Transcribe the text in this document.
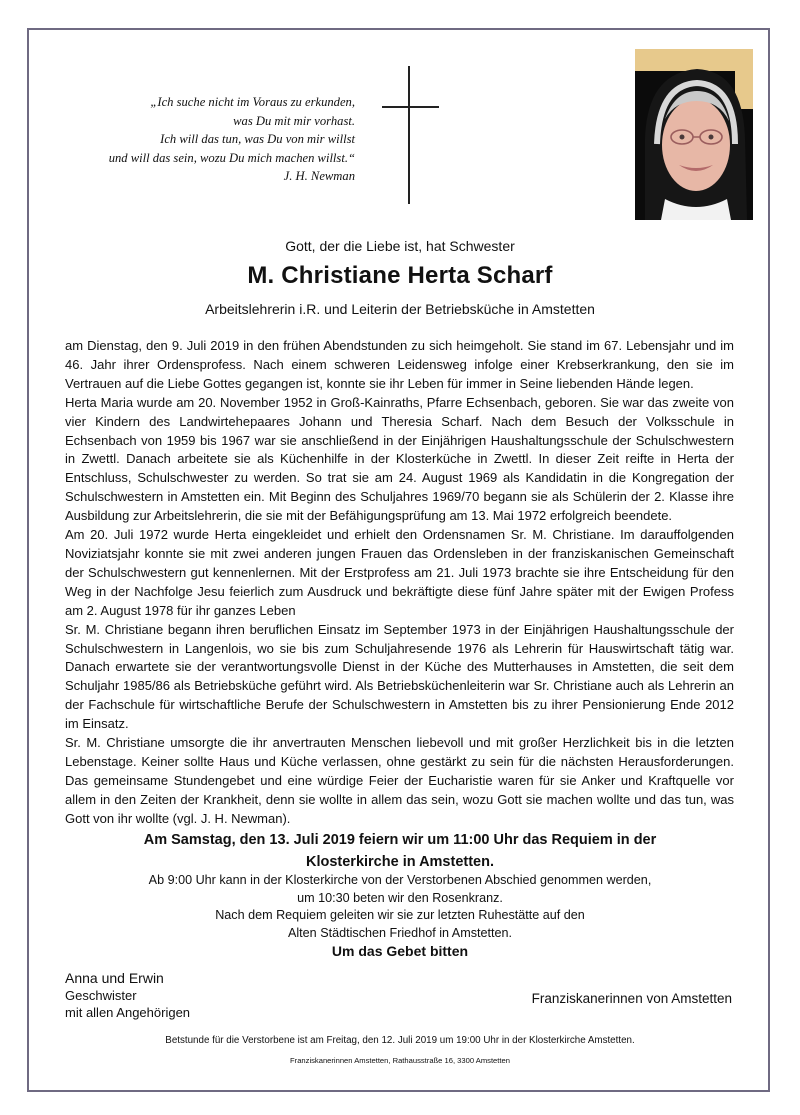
„Ich suche nicht im Voraus zu erkunden,
was Du mit mir vorhast.
Ich will das tun, was Du von mir willst
und will das sein, wozu Du mich machen willst.“
J. H. Newman
Gott, der die Liebe ist, hat Schwester
M. Christiane Herta Scharf
Arbeitslehrerin i.R. und Leiterin der Betriebsküche in Amstetten

am Dienstag, den 9. Juli 2019 in den frühen Abendstunden zu sich heimgeholt. Sie stand im 67. Lebensjahr und im 46. Jahr ihrer Ordensprofess. Nach einem schweren Leidensweg infolge einer Krebserkrankung, den sie im Vertrauen auf die Liebe Gottes gegangen ist, konnte sie ihr Leben für immer in Seine liebenden Hände legen.

Herta Maria wurde am 20. November 1952 in Groß-Kainraths, Pfarre Echsenbach, geboren. Sie war das zweite von vier Kindern des Landwirtehepaares Johann und Theresia Scharf. Nach dem Besuch der Volksschule in Echsenbach von 1959 bis 1967 war sie anschließend in der Einjährigen Haushaltungsschule der Schulschwestern in Zwettl. Danach arbeitete sie als Küchenhilfe in der Klosterküche in Zwettl. In dieser Zeit reifte in Herta der Entschluss, Schulschwester zu werden. So trat sie am 24. August 1969 als Kandidatin in die Kongregation der Schulschwestern in Amstetten ein. Mit Beginn des Schuljahres 1969/70 begann sie als Schülerin der 2. Klasse ihre Ausbildung zur Arbeitslehrerin, die sie mit der Befähigungsprüfung am 13. Mai 1972 erfolgreich beendete.

Am 20. Juli 1972 wurde Herta eingekleidet und erhielt den Ordensnamen Sr. M. Christiane. Im darauffolgenden Noviziatsjahr konnte sie mit zwei anderen jungen Frauen das Ordensleben in der franziskanischen Gemeinschaft der Schulschwestern gut kennenlernen. Mit der Erstprofess am 21. Juli 1973 brachte sie ihre Entscheidung für den Weg in der Nachfolge Jesu feierlich zum Ausdruck und bekräftigte diese fünf Jahre später mit der Ewigen Profess am 2. August 1978 für ihr ganzes Leben

Sr. M. Christiane begann ihren beruflichen Einsatz im September 1973 in der Einjährigen Haushaltungsschule der Schulschwestern in Langenlois, wo sie bis zum Schuljahresende 1976 als Lehrerin für Hauswirtschaft tätig war. Danach erwartete sie der verantwortungsvolle Dienst in der Küche des Mutterhauses in Amstetten, die seit dem Schuljahr 1985/86 als Betriebsküche geführt wird. Als Betriebsküchenleiterin war Sr. Christiane auch als Lehrerin an der Fachschule für wirtschaftliche Berufe der Schulschwestern in Amstetten bis zu ihrer Pensionierung Ende 2012 im Einsatz.

Sr. M. Christiane umsorgte die ihr anvertrauten Menschen liebevoll und mit großer Herzlichkeit bis in die letzten Lebenstage. Keiner sollte Haus und Küche verlassen, ohne gestärkt zu sein für die nächsten Herausforderungen. Das gemeinsame Stundengebet und eine würdige Feier der Eucharistie waren für sie Anker und Kraftquelle vor allem in den Zeiten der Krankheit, denn sie wollte in allem das sein, wozu Gott sie machen wollte und das tun, was Gott von ihr wollte (vgl. J. H. Newman).

Am Samstag, den 13. Juli 2019 feiern wir um 11:00 Uhr das Requiem in der
Klosterkirche in Amstetten.
Ab 9:00 Uhr kann in der Klosterkirche von der Verstorbenen Abschied genommen werden,
um 10:30 beten wir den Rosenkranz.
Nach dem Requiem geleiten wir sie zur letzten Ruhestätte auf den
Alten Städtischen Friedhof in Amstetten.
Um das Gebet bitten
Anna und Erwin
Geschwister
mit allen Angehörigen
Franziskanerinnen von Amstetten
Betstunde für die Verstorbene ist am Freitag, den 12. Juli 2019 um 19:00 Uhr in der Klosterkirche Amstetten.
Franziskanerinnen Amstetten, Rathausstraße 16, 3300 Amstetten
